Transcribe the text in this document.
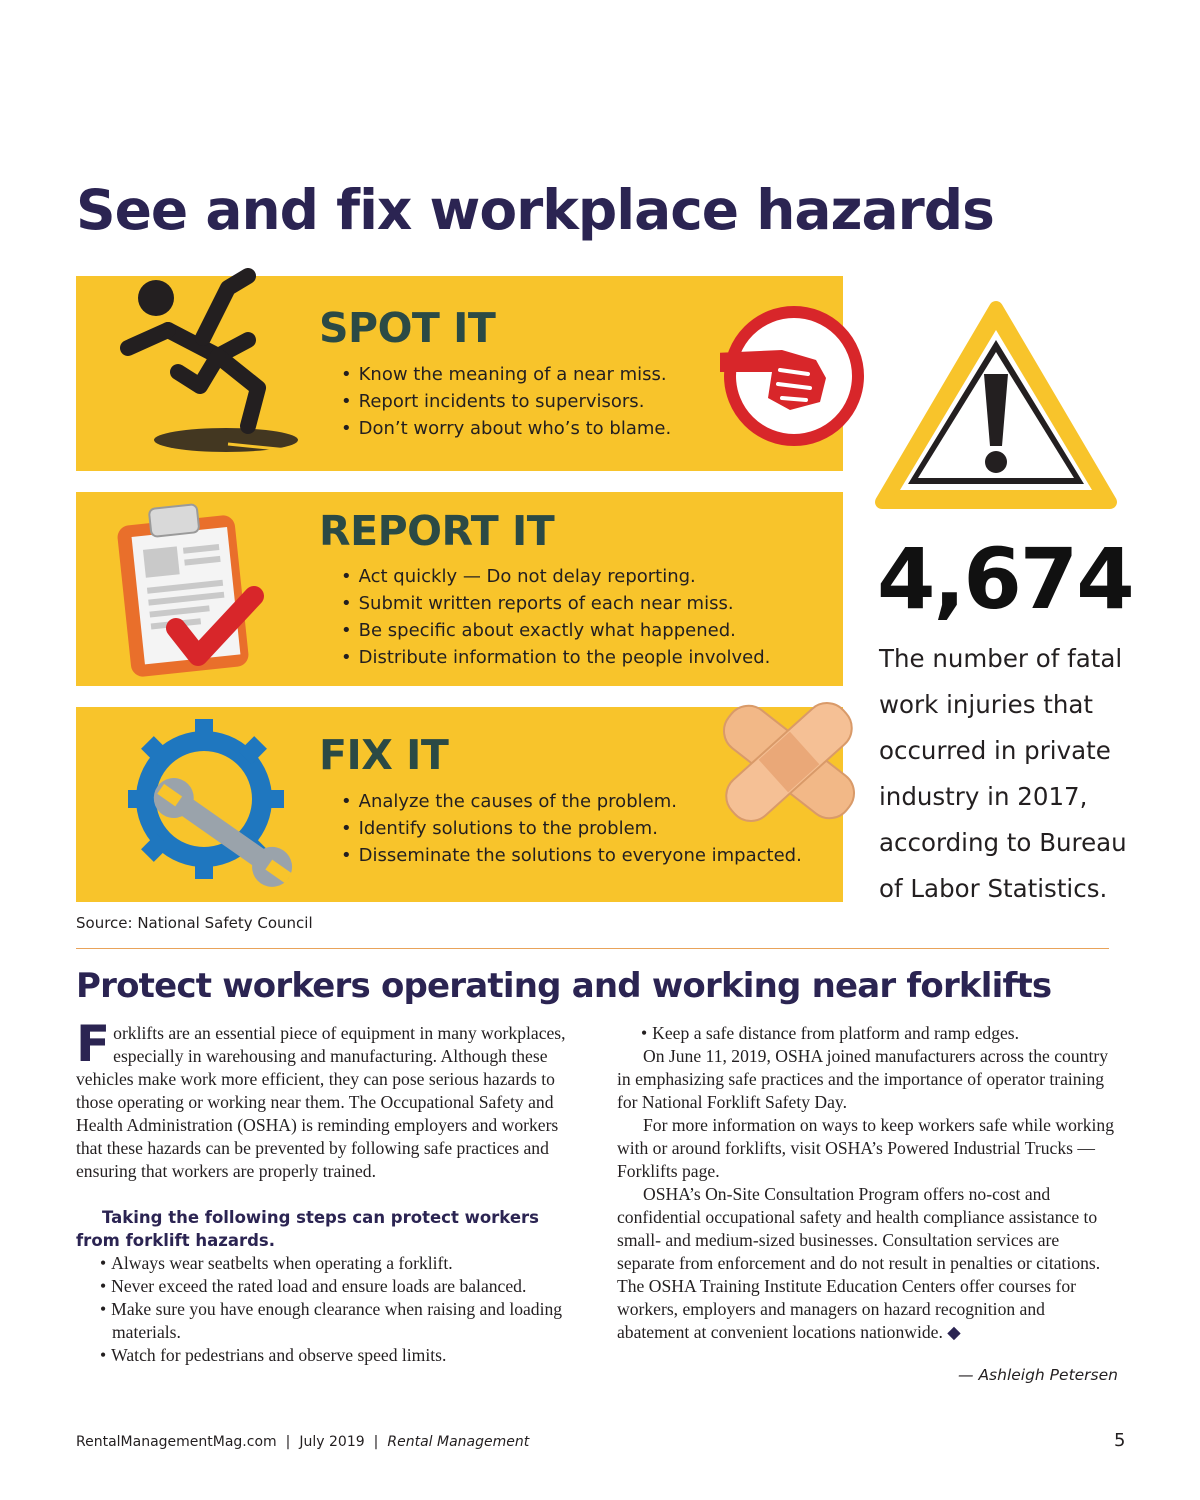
See and fix workplace hazards
SPOT IT
• Know the meaning of a near miss.
• Report incidents to supervisors.
• Don’t worry about who’s to blame.
REPORT IT
• Act quickly — Do not delay reporting.
• Submit written reports of each near miss.
• Be specific about exactly what happened.
• Distribute information to the people involved.
FIX IT
• Analyze the causes of the problem.
• Identify solutions to the problem.
• Disseminate the solutions to everyone impacted.
4,674

The number of fatal work injuries that occurred in private industry in 2017, according to Bureau of Labor Statistics.

Source: National Safety Council

Protect workers operating and working near forklifts

Forklifts are an essential piece of equipment in many workplaces, especially in warehousing and manufacturing. Although these vehicles make work more efficient, they can pose serious hazards to those operating or working near them. The Occupational Safety and Health Administration (OSHA) is reminding employers and workers that these hazards can be prevented by following safe practices and ensuring that workers are properly trained.

Taking the following steps can protect workers from forklift hazards.

• Always wear seatbelts when operating a forklift.
• Never exceed the rated load and ensure loads are balanced.
• Make sure you have enough clearance when raising and loading materials.
• Watch for pedestrians and observe speed limits.
• Keep a safe distance from platform and ramp edges.

On June 11, 2019, OSHA joined manufacturers across the country in emphasizing safe practices and the importance of operator training for National Forklift Safety Day.

For more information on ways to keep workers safe while working with or around forklifts, visit OSHA’s Powered Industrial Trucks — Forklifts page.

OSHA’s On-Site Consultation Program offers no-cost and confidential occupational safety and health compliance assistance to small- and medium-sized businesses. Consultation services are separate from enforcement and do not result in penalties or citations. The OSHA Training Institute Education Centers offer courses for workers, employers and managers on hazard recognition and abatement at convenient locations nationwide. ◆

— Ashleigh Petersen

RentalManagementMag.com | July 2019 | Rental Management	5
